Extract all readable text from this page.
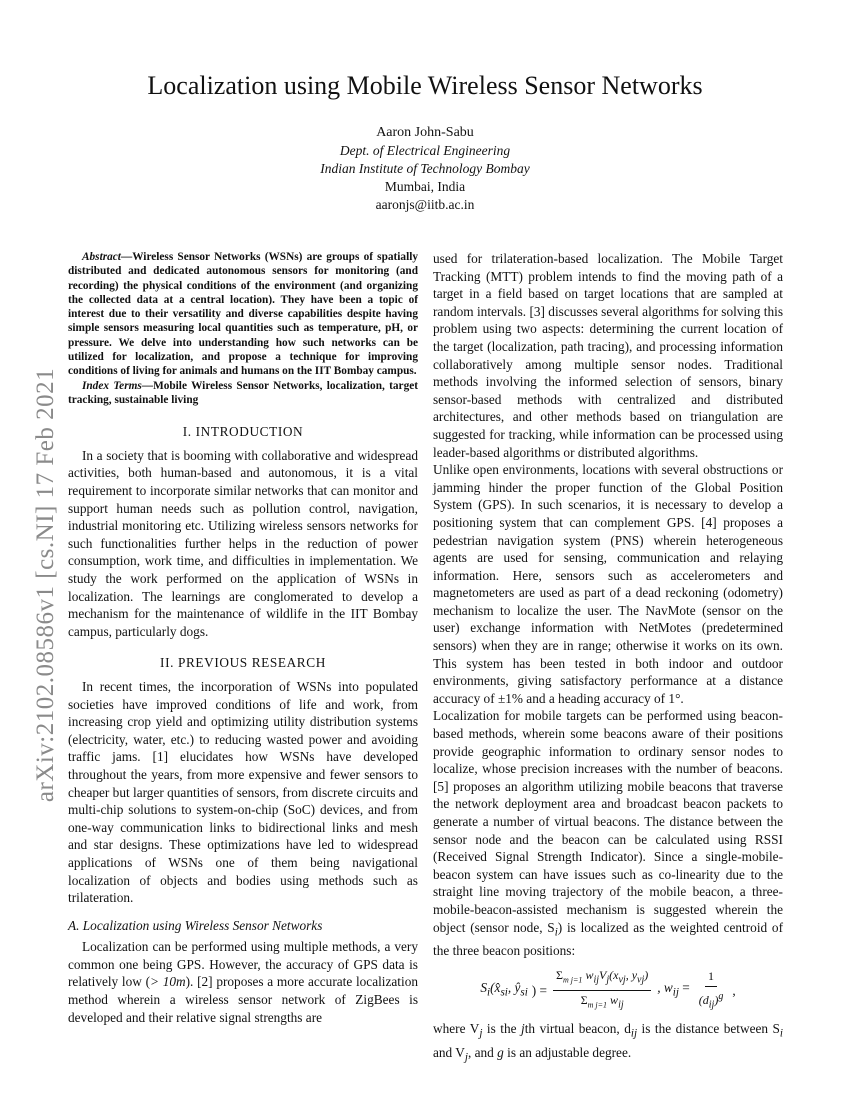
arXiv:2102.08586v1 [cs.NI] 17 Feb 2021
Localization using Mobile Wireless Sensor Networks
Aaron John-Sabu
Dept. of Electrical Engineering
Indian Institute of Technology Bombay
Mumbai, India
aaronjs@iitb.ac.in

Abstract—Wireless Sensor Networks (WSNs) are groups of spatially distributed and dedicated autonomous sensors for monitoring (and recording) the physical conditions of the environment (and organizing the collected data at a central location). They have been a topic of interest due to their versatility and diverse capabilities despite having simple sensors measuring local quantities such as temperature, pH, or pressure. We delve into understanding how such networks can be utilized for localization, and propose a technique for improving conditions of living for animals and humans on the IIT Bombay campus.

Index Terms—Mobile Wireless Sensor Networks, localization, target tracking, sustainable living

I. INTRODUCTION

In a society that is booming with collaborative and widespread activities, both human-based and autonomous, it is a vital requirement to incorporate similar networks that can monitor and support human needs such as pollution control, navigation, industrial monitoring etc. Utilizing wireless sensors networks for such functionalities further helps in the reduction of power consumption, work time, and difficulties in implementation. We study the work performed on the application of WSNs in localization. The learnings are conglomerated to develop a mechanism for the maintenance of wildlife in the IIT Bombay campus, particularly dogs.

II. PREVIOUS RESEARCH

In recent times, the incorporation of WSNs into populated societies have improved conditions of life and work, from increasing crop yield and optimizing utility distribution systems (electricity, water, etc.) to reducing wasted power and avoiding traffic jams. [1] elucidates how WSNs have developed throughout the years, from more expensive and fewer sensors to cheaper but larger quantities of sensors, from discrete circuits and multi-chip solutions to system-on-chip (SoC) devices, and from one-way communication links to bidirectional links and mesh and star designs. These optimizations have led to widespread applications of WSNs one of them being navigational localization of objects and bodies using methods such as trilateration.

A. Localization using Wireless Sensor Networks

Localization can be performed using multiple methods, a very common one being GPS. However, the accuracy of GPS data is relatively low (> 10m). [2] proposes a more accurate localization method wherein a wireless sensor network of ZigBees is developed and their relative signal strengths are

used for trilateration-based localization. The Mobile Target Tracking (MTT) problem intends to find the moving path of a target in a field based on target locations that are sampled at random intervals. [3] discusses several algorithms for solving this problem using two aspects: determining the current location of the target (localization, path tracing), and processing information collaboratively among multiple sensor nodes. Traditional methods involving the informed selection of sensors, binary sensor-based methods with centralized and distributed architectures, and other methods based on triangulation are suggested for tracking, while information can be processed using leader-based algorithms or distributed algorithms.

Unlike open environments, locations with several obstructions or jamming hinder the proper function of the Global Position System (GPS). In such scenarios, it is necessary to develop a positioning system that can complement GPS. [4] proposes a pedestrian navigation system (PNS) wherein heterogeneous agents are used for sensing, communication and relaying information. Here, sensors such as accelerometers and magnetometers are used as part of a dead reckoning (odometry) mechanism to localize the user. The NavMote (sensor on the user) exchange information with NetMotes (predetermined sensors) when they are in range; otherwise it works on its own. This system has been tested in both indoor and outdoor environments, giving satisfactory performance at a distance accuracy of ±1% and a heading accuracy of 1°.

Localization for mobile targets can be performed using beacon-based methods, wherein some beacons aware of their positions provide geographic information to ordinary sensor nodes to localize, whose precision increases with the number of beacons. [5] proposes an algorithm utilizing mobile beacons that traverse the network deployment area and broadcast beacon packets to generate a number of virtual beacons. The distance between the sensor node and the beacon can be calculated using RSSI (Received Signal Strength Indicator). Since a single-mobile-beacon system can have issues such as co-linearity due to the straight line moving trajectory of the mobile beacon, a three-mobile-beacon-assisted mechanism is suggested wherein the object (sensor node, $S_i$) is localized as the weighted centroid of the three beacon positions:

$S_i(x̂_{si}$, $ŷ_{si}$ ) = $\frac{\Sigma_{m j=1} w_{ij}V_j(x_{vj}, y_{vj})}{\Sigma_{m j=1} w_{ij}}$ , $w_{ij} = \frac{1}{(d_{ij})^g}$ ,

where $V_j$ is the jth virtual beacon, $d_{ij}$ is the distance between $S_i$ and $V_j$, and g is an adjustable degree.
